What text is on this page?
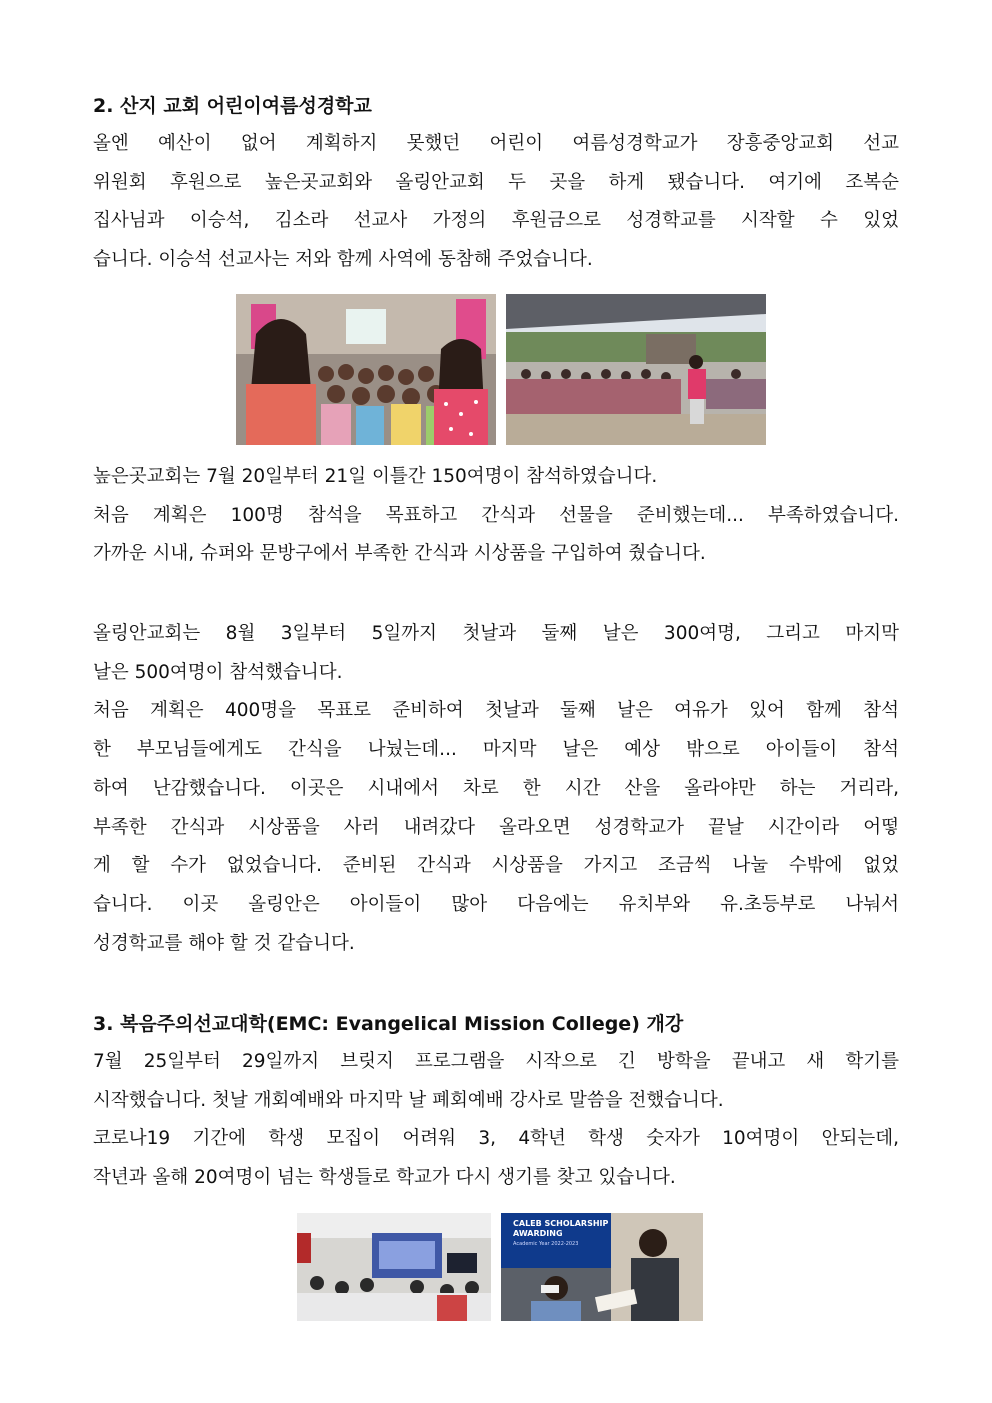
2. 산지 교회 어린이여름성경학교

올엔 예산이 없어 계획하지 못했던 어린이 여름성경학교가 장흥중앙교회 선교
위원회 후원으로 높은곳교회와 올링안교회 두 곳을 하게 됐습니다. 여기에 조복순
집사님과 이승석, 김소라 선교사 가정의 후원금으로 성경학교를 시작할 수 있었
습니다. 이승석 선교사는 저와 함께 사역에 동참해 주었습니다.
높은곳교회는 7월 20일부터 21일 이틀간 150여명이 참석하였습니다.
처음 계획은 100명 참석을 목표하고 간식과 선물을 준비했는데... 부족하였습니다.
가까운 시내, 슈퍼와 문방구에서 부족한 간식과 시상품을 구입하여 줬습니다.
올링안교회는 8월 3일부터 5일까지 첫날과 둘째 날은 300여명, 그리고 마지막
날은 500여명이 참석했습니다.
처음 계획은 400명을 목표로 준비하여 첫날과 둘째 날은 여유가 있어 함께 참석
한 부모님들에게도 간식을 나눴는데... 마지막 날은 예상 밖으로 아이들이 참석
하여 난감했습니다. 이곳은 시내에서 차로 한 시간 산을 올라야만 하는 거리라,
부족한 간식과 시상품을 사러 내려갔다 올라오면 성경학교가 끝날 시간이라 어떻
게 할 수가 없었습니다. 준비된 간식과 시상품을 가지고 조금씩 나눌 수밖에 없었
습니다. 이곳 올링안은 아이들이 많아 다음에는 유치부와 유.초등부로 나눠서
성경학교를 해야 할 것 같습니다.

3. 복음주의선교대학(EMC: Evangelical Mission College) 개강

7월 25일부터 29일까지 브릿지 프로그램을 시작으로 긴 방학을 끝내고 새 학기를
시작했습니다. 첫날 개회예배와 마지막 날 폐회예배 강사로 말씀을 전했습니다.
코로나19 기간에 학생 모집이 어려워 3, 4학년 학생 숫자가 10여명이 안되는데,
작년과 올해 20여명이 넘는 학생들로 학교가 다시 생기를 찾고 있습니다.
CALEB SCHOLARSHIP
AWARDING
Academic Year 2022-2023
